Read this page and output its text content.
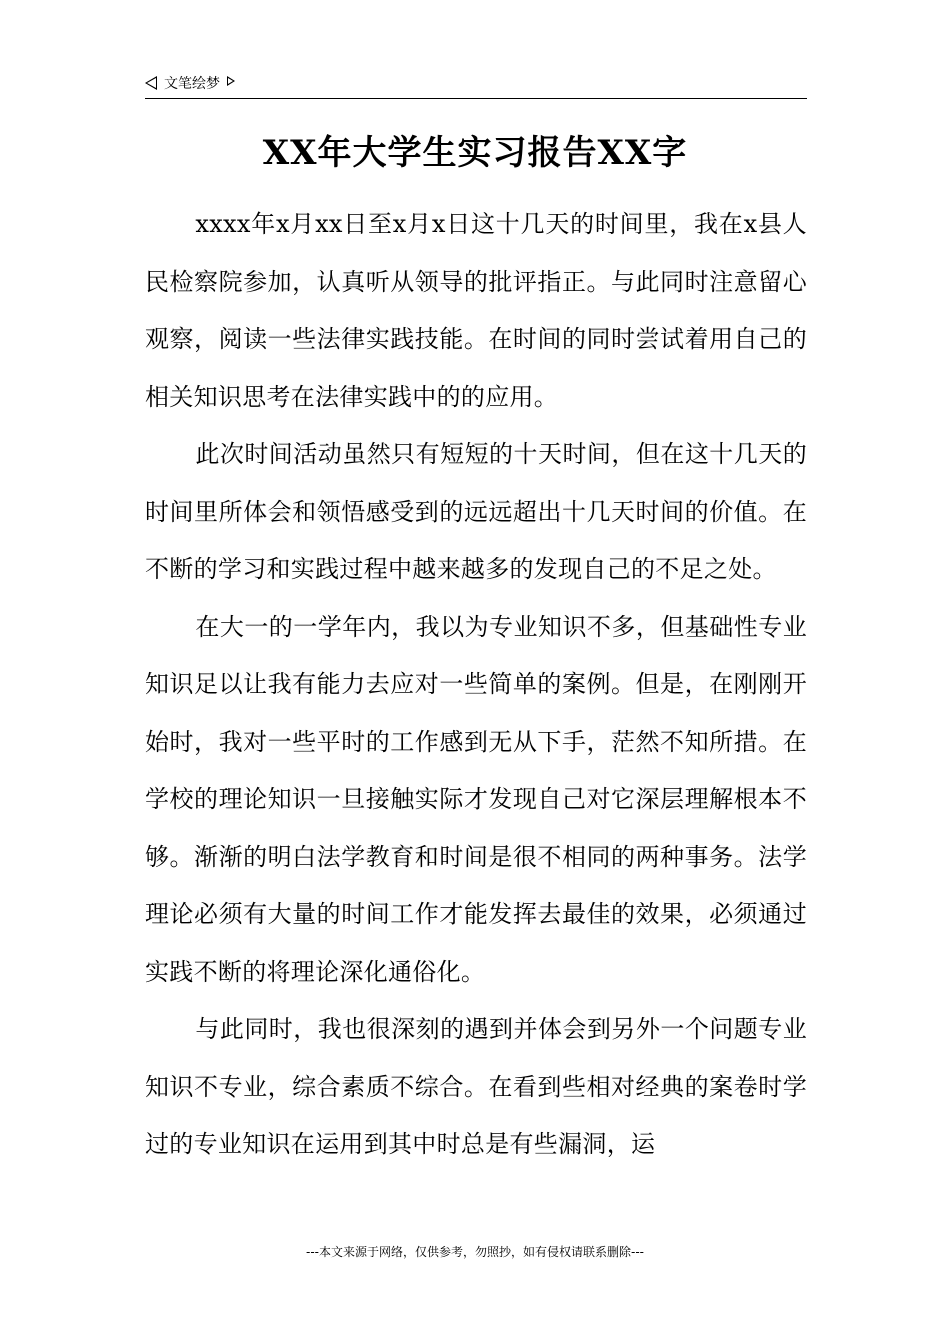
文笔绘梦
XX年大学生实习报告XX字

xxxx年x月xx日至x月x日这十几天的时间里，我在x县人民检察院参加，认真听从领导的批评指正。与此同时注意留心观察，阅读一些法律实践技能。在时间的同时尝试着用自己的相关知识思考在法律实践中的的应用。

此次时间活动虽然只有短短的十天时间，但在这十几天的时间里所体会和领悟感受到的远远超出十几天时间的价值。在不断的学习和实践过程中越来越多的发现自己的不足之处。

在大一的一学年内，我以为专业知识不多，但基础性专业知识足以让我有能力去应对一些简单的案例。但是，在刚刚开始时，我对一些平时的工作感到无从下手，茫然不知所措。在学校的理论知识一旦接触实际才发现自己对它深层理解根本不够。渐渐的明白法学教育和时间是很不相同的两种事务。法学理论必须有大量的时间工作才能发挥去最佳的效果，必须通过实践不断的将理论深化通俗化。

与此同时，我也很深刻的遇到并体会到另外一个问题专业知识不专业，综合素质不综合。在看到些相对经典的案卷时学过的专业知识在运用到其中时总是有些漏洞，运

---本文来源于网络，仅供参考，勿照抄，如有侵权请联系删除---
